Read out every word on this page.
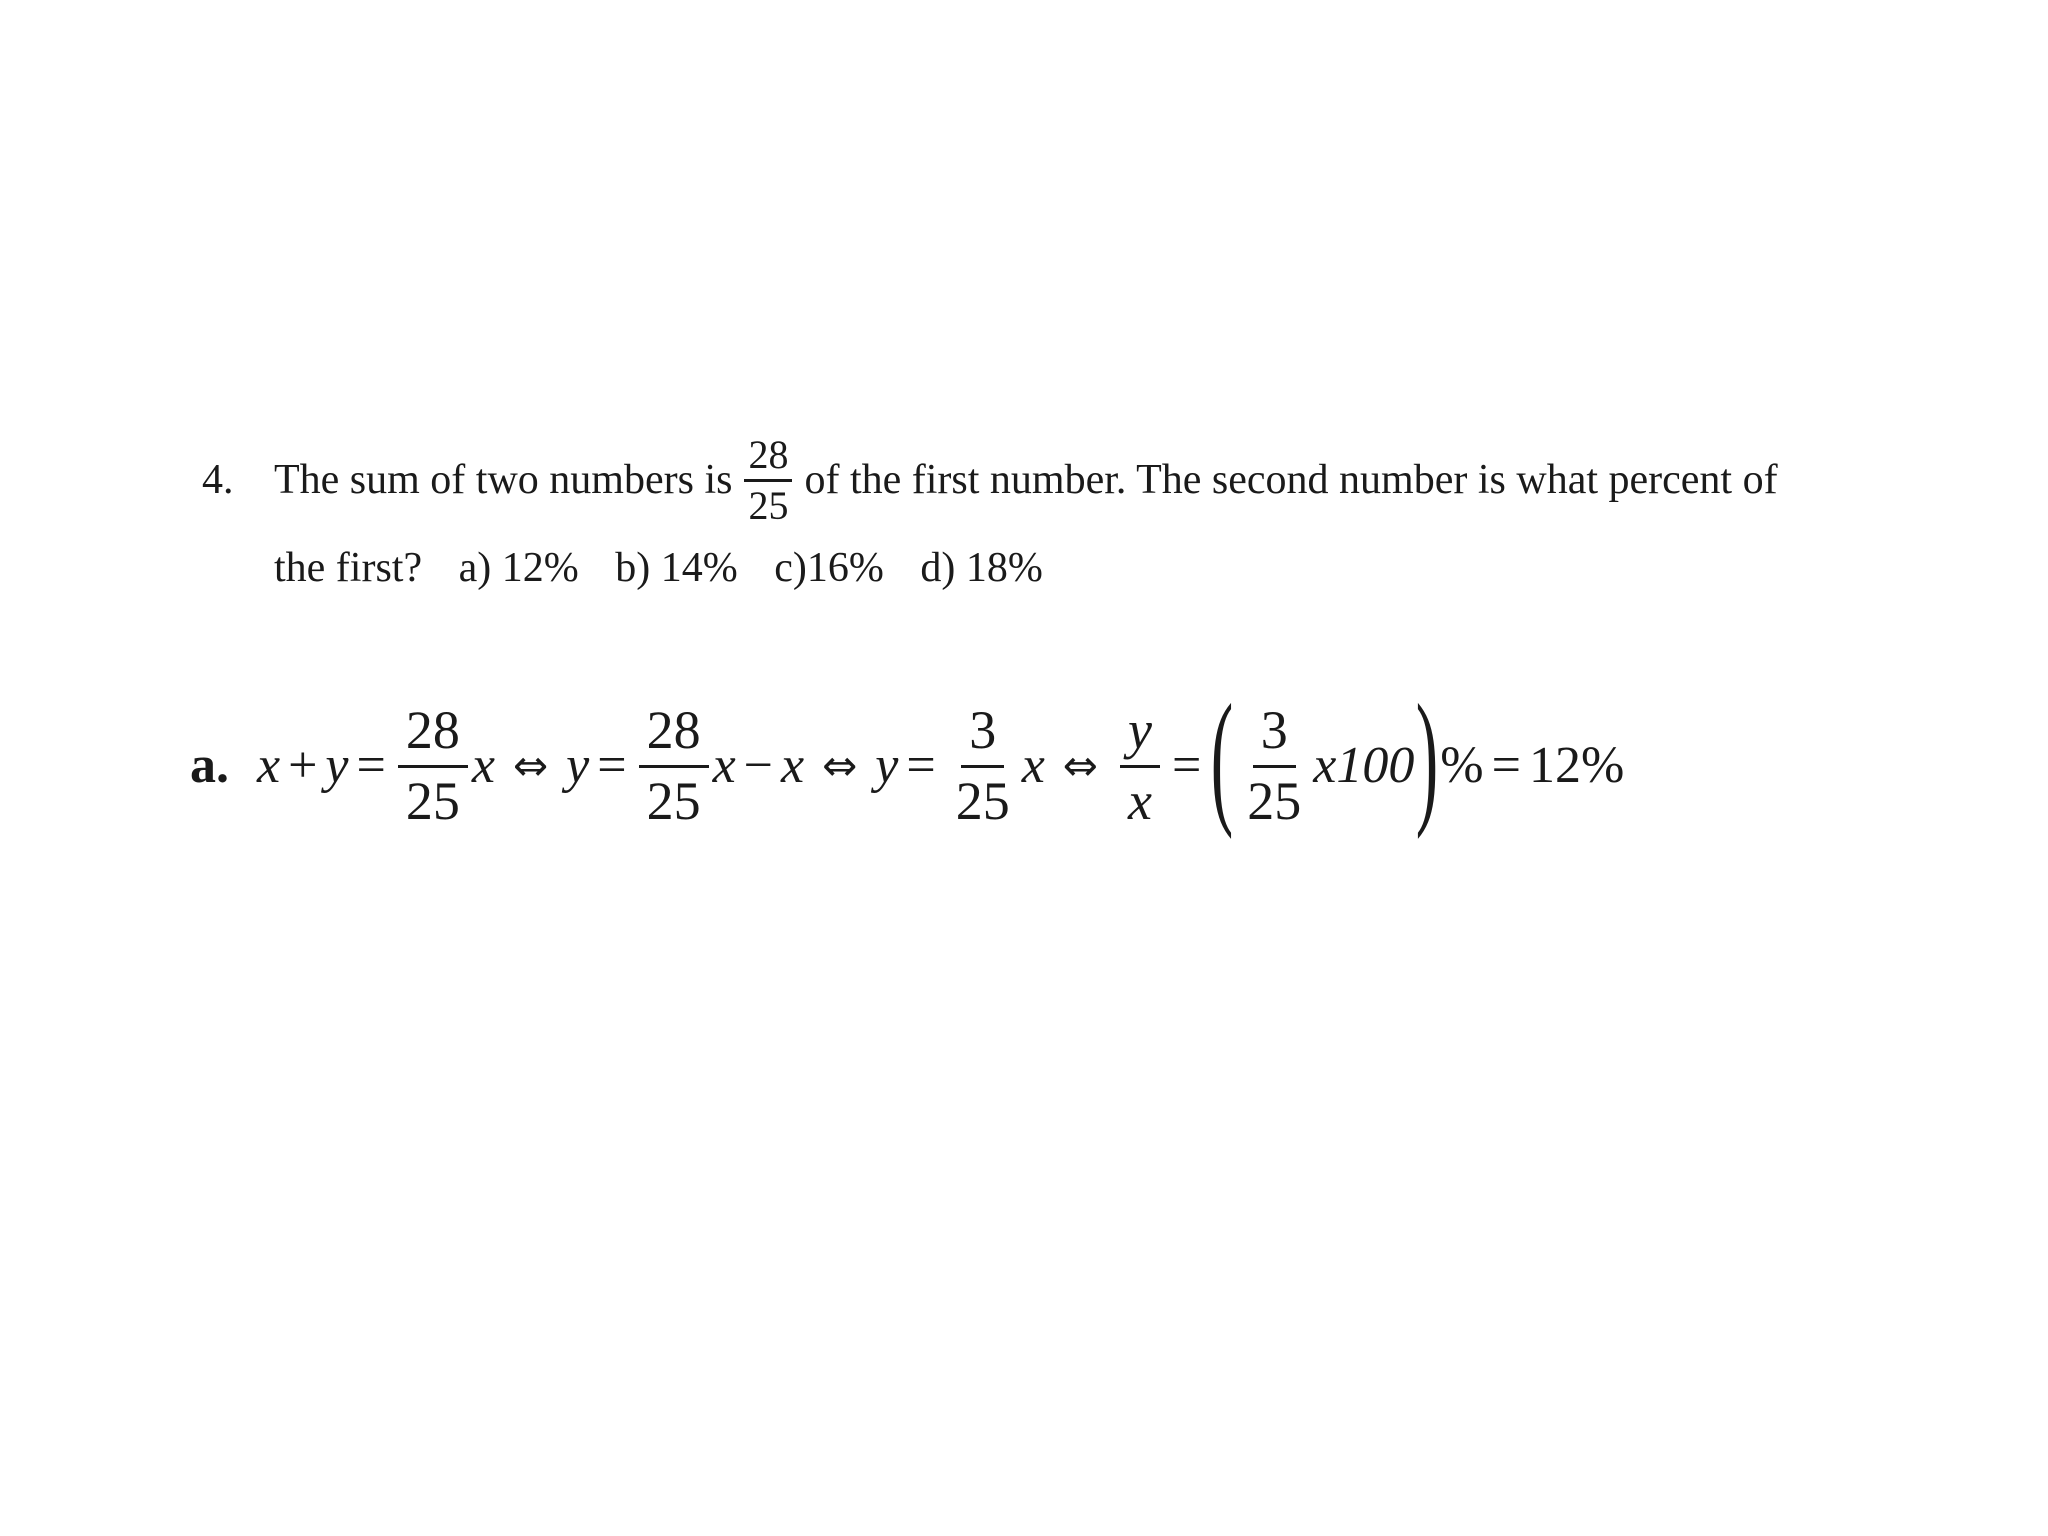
4. The sum of two numbers is $\frac{28}{25}$ of the first number. The second number is what percent of
the first? a) 12% b) 14% c)16% d) 18%
a. $x + y = \frac{28}{25}$ x ⇔ $y = \frac{28}{25}$ x − x ⇔ $y = \frac{3}{25}$ x ⇔ $\frac{y}{x}$ = ( $\frac{3}{25} x100$ ) % = 12%
